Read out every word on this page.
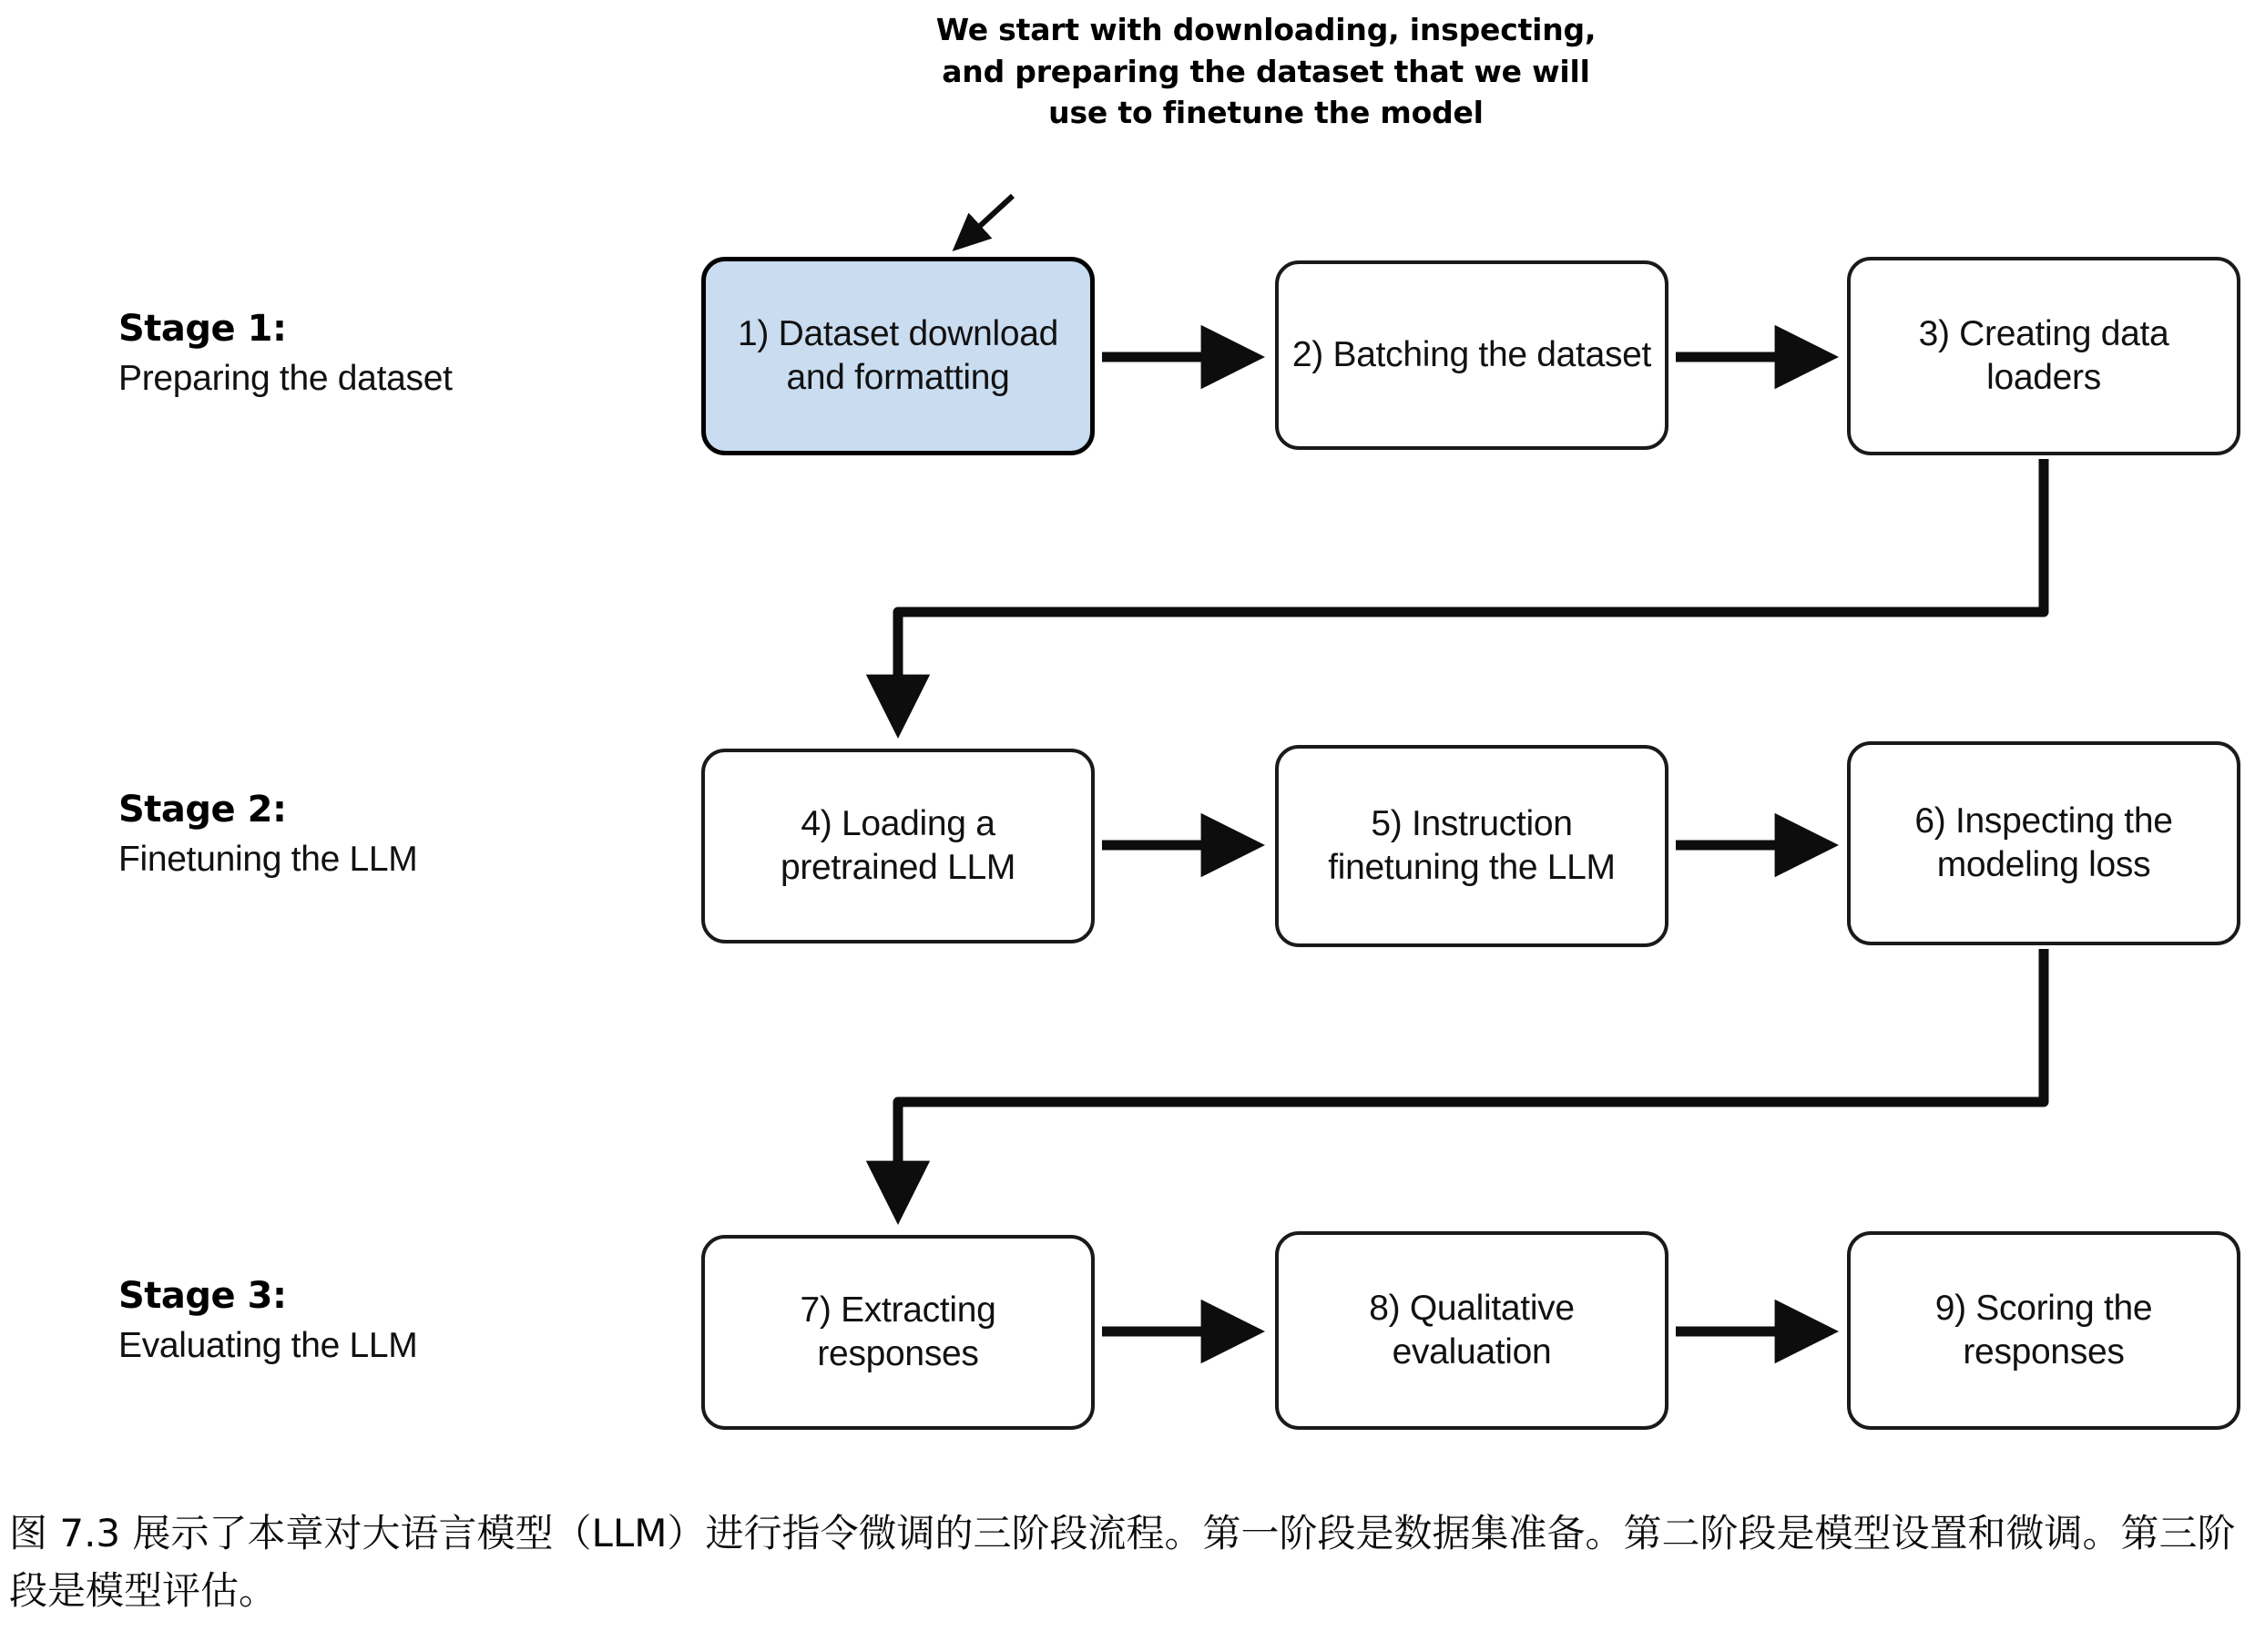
We start with downloading, inspecting,
and preparing the dataset that we will
use to finetune the model
Stage 1:
Preparing the dataset
Stage 2:
Finetuning the LLM
Stage 3:
Evaluating the LLM
1) Dataset download and formatting
2) Batching the dataset
3) Creating data loaders
4) Loading a pretrained LLM
5) Instruction finetuning the LLM
6) Inspecting the modeling loss
7) Extracting responses
8) Qualitative evaluation
9) Scoring the responses
图 7.3 展示了本章对大语言模型（LLM）进行指令微调的三阶段流程。第一阶段是数据集准备。第二阶段是模型设置和微调。第三阶段是模型评估。
